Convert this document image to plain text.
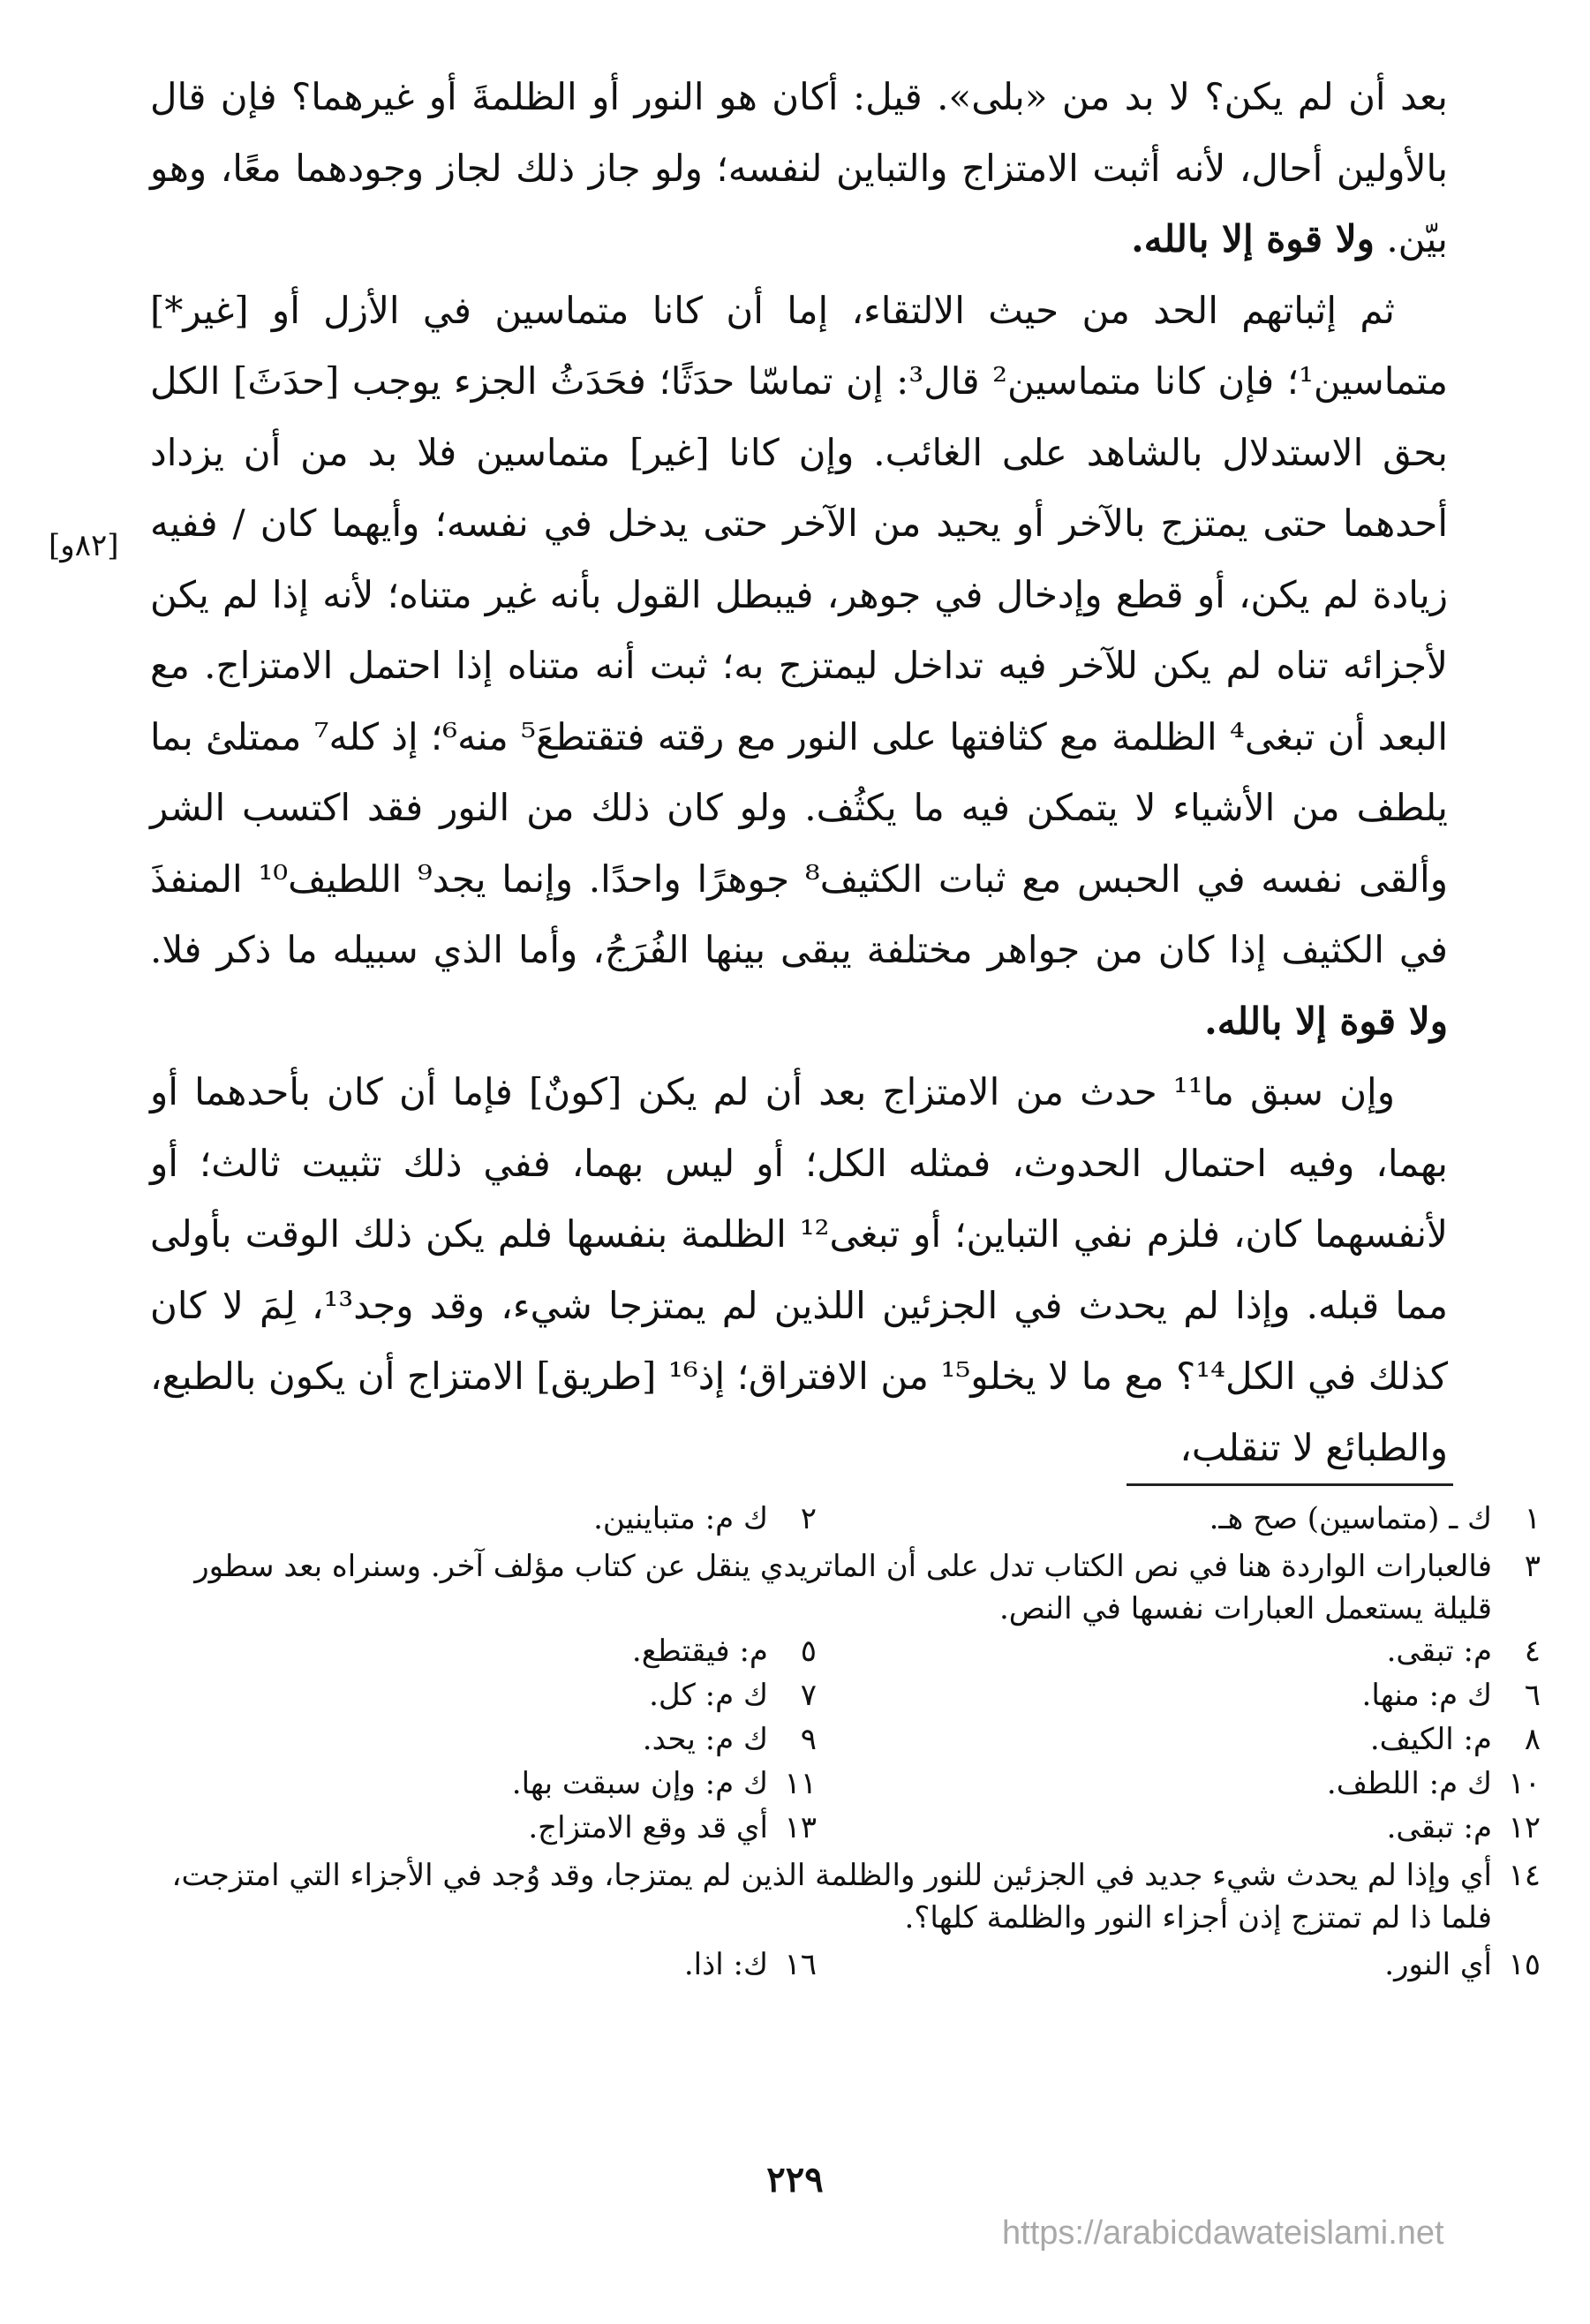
بعد أن لم يكن؟ لا بد من «بلى». قيل: أكان هو النور أو الظلمةَ أو غيرهما؟ فإن قال بالأولين أحال، لأنه أثبت الامتزاج والتباين لنفسه؛ ولو جاز ذلك لجاز وجودهما معًا، وهو بيّن. ولا قوة إلا بالله.

ثم إثباتهم الحد من حيث الالتقاء، إما أن كانا متماسين في الأزل أو [غير*] متماسين¹؛ فإن كانا متماسين² قال³: إن تماسّا حدَثًا؛ فحَدَثُ الجزء يوجب [حدَثَ] الكل بحق الاستدلال بالشاهد على الغائب. وإن كانا [غير] متماسين فلا بد من أن يزداد أحدهما حتى يمتزج بالآخر أو يحيد من الآخر حتى يدخل في نفسه؛ وأيهما كان / ففيه زيادة لم يكن، أو قطع وإدخال في جوهر، فيبطل القول بأنه غير متناه؛ لأنه إذا لم يكن لأجزائه تناه لم يكن للآخر فيه تداخل ليمتزج به؛ ثبت أنه متناه إذا احتمل الامتزاج. مع البعد أن تبغى⁴ الظلمة مع كثافتها على النور مع رقته فتقتطعَ⁵ منه⁶؛ إذ كله⁷ ممتلئ بما يلطف من الأشياء لا يتمكن فيه ما يكثُف. ولو كان ذلك من النور فقد اكتسب الشر وألقى نفسه في الحبس مع ثبات الكثيف⁸ جوهرًا واحدًا. وإنما يجد⁹ اللطيف¹⁰ المنفذَ في الكثيف إذا كان من جواهر مختلفة يبقى بينها الفُرَجُ، وأما الذي سبيله ما ذكر فلا. ولا قوة إلا بالله.

وإن سبق ما¹¹ حدث من الامتزاج بعد أن لم يكن [كونٌ] فإما أن كان بأحدهما أو بهما، وفيه احتمال الحدوث، فمثله الكل؛ أو ليس بهما، ففي ذلك تثبيت ثالث؛ أو لأنفسهما كان، فلزم نفي التباين؛ أو تبغى¹² الظلمة بنفسها فلم يكن ذلك الوقت بأولى مما قبله. وإذا لم يحدث في الجزئين اللذين لم يمتزجا شيء، وقد وجد¹³، لِمَ لا كان كذلك في الكل¹⁴؟ مع ما لا يخلو¹⁵ من الافتراق؛ إذ¹⁶ [طريق] الامتزاج أن يكون بالطبع، والطبائع لا تنقلب،

[٨٢و]
١ك ـ (متماسين) صح هـ.
٢ك م: متباينين.
٣فالعبارات الواردة هنا في نص الكتاب تدل على أن الماتريدي ينقل عن كتاب مؤلف آخر. وسنراه بعد سطور
قليلة يستعمل العبارات نفسها في النص.
٤م: تبقى.
٥م: فيقتطع.
٦ك م: منها.
٧ك م: كل.
٨م: الكيف.
٩ك م: يحد.
١٠ك م: اللطف.
١١ك م: وإن سبقت بها.
١٢م: تبقى.
١٣أي قد وقع الامتزاج.
١٤أي وإذا لم يحدث شيء جديد في الجزئين للنور والظلمة الذين لم يمتزجا، وقد وُجد في الأجزاء التي امتزجت،
فلما ذا لم تمتزج إذن أجزاء النور والظلمة كلها؟.
١٥أي النور.
١٦ك: اذا.
٢٢٩
https://arabicdawateislami.net
